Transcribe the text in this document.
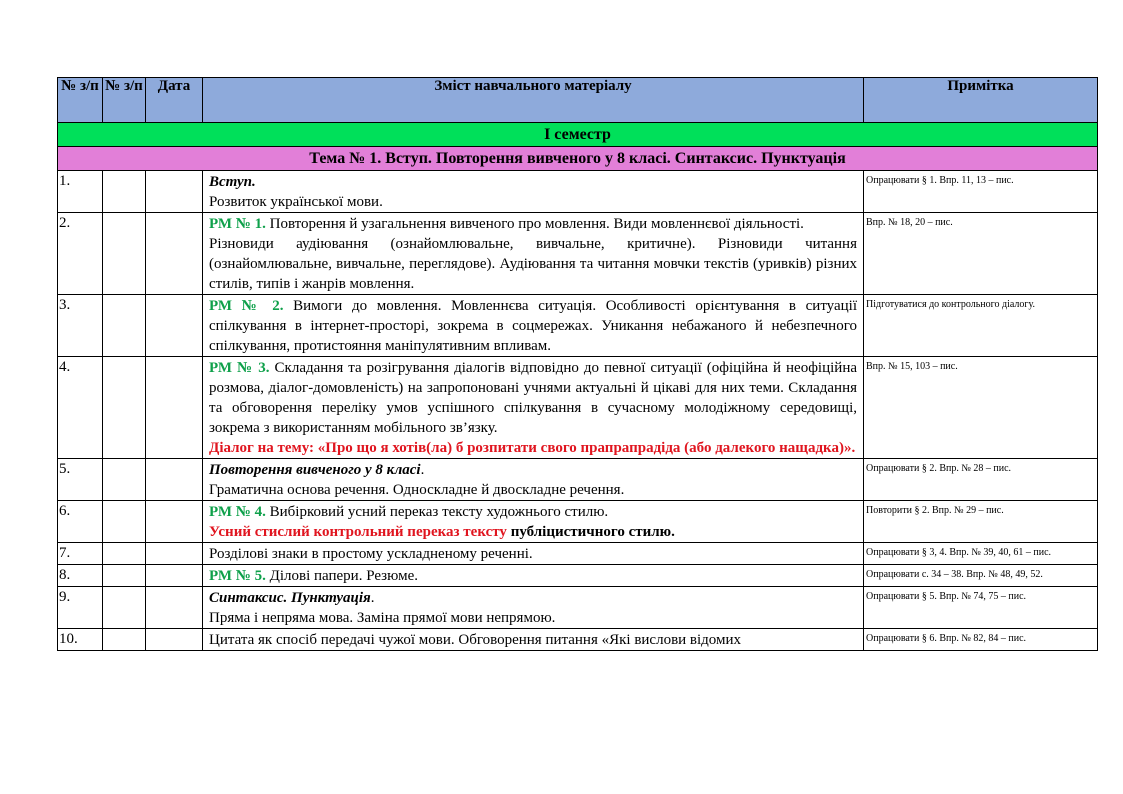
№ з/п	№ з/п	Дата	Зміст навчального матеріалу	Примітка
І семестр				
Тема № 1. Вступ. Повторення вивченого у 8 класі. Синтаксис. Пунктуація				
1.			Вступ.

Розвиток української мови.	Опрацювати § 1. Впр. 11, 13 – пис.
2.			РМ № 1. Повторення й узагальнення вивченого про мовлення. Види мовленнєвої діяльності.

Різновиди аудіювання (ознайомлювальне, вивчальне, критичне). Різновиди читання (ознайомлювальне, вивчальне, переглядове). Аудіювання та читання мовчки текстів (уривків) різних стилів, типів і жанрів мовлення.	Впр. № 18, 20 – пис.
3.			РМ № 2. Вимоги до мовлення. Мовленнєва ситуація. Особливості орієнтування в ситуації спілкування в інтернет-просторі, зокрема в соцмережах. Уникання небажаного й небезпечного спілкування, протистояння маніпулятивним впливам.	Підготуватися до контрольного діалогу.
4.			РМ № 3. Складання та розігрування діалогів відповідно до певної ситуації (офіційна й неофіційна розмова, діалог-домовленість) на запропоновані учнями актуальні й цікаві для них теми. Складання та обговорення переліку умов успішного спілкування в сучасному молодіжному середовищі, зокрема з використанням мобільного зв’язку.

Діалог на тему: «Про що я хотів(ла) б розпитати свого прапрапрадіда (або далекого нащадка)».	Впр. № 15, 103 – пис.
5.			Повторення вивченого у 8 класі.

Граматична основа речення. Односкладне й двоскладне речення.	Опрацювати § 2. Впр. № 28 – пис.
6.			РМ № 4. Вибірковий усний переказ тексту художнього стилю.

Усний стислий контрольний переказ тексту публіцистичного стилю.	Повторити § 2. Впр. № 29 – пис.
7.			Розділові знаки в простому ускладненому реченні.	Опрацювати § 3, 4. Впр. № 39, 40, 61 – пис.
8.			РМ № 5. Ділові папери. Резюме.	Опрацювати с. 34 – 38. Впр. № 48, 49, 52.
9.			Синтаксис. Пунктуація.

Пряма і непряма мова. Заміна прямої мови непрямою.	Опрацювати § 5. Впр. № 74, 75 – пис.
10.			Цитата як спосіб передачі чужої мови. Обговорення питання «Які вислови відомих	Опрацювати § 6. Впр. № 82, 84 – пис.
